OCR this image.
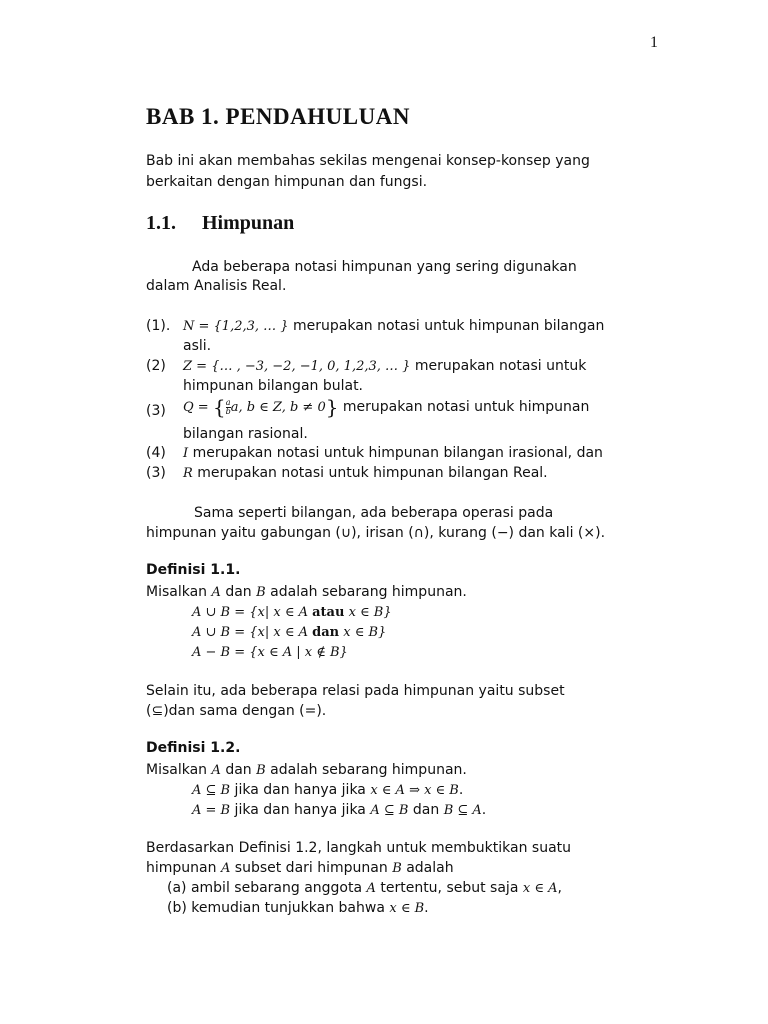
1
BAB 1. PENDAHULUAN
Bab ini akan membahas sekilas mengenai konsep-konsep yang
berkaitan dengan himpunan dan fungsi.
1.1. Himpunan
Ada beberapa notasi himpunan yang sering digunakan
dalam Analisis Real.
(1). N = {1,2,3, … } merupakan notasi untuk himpunan bilangan
asli.
(2) Z = {… , −3, −2, −1, 0, 1,2,3, … } merupakan notasi untuk
himpunan bilangan bulat.
(3) Q = { $\frac{a}{b} a$, b ∈ Z, b ≠ 0} merupakan notasi untuk himpunan
bilangan rasional.
(4) I merupakan notasi untuk himpunan bilangan irasional, dan
(3) R merupakan notasi untuk himpunan bilangan Real.
Sama seperti bilangan, ada beberapa operasi pada
himpunan yaitu gabungan (∪), irisan (∩), kurang (−) dan kali (×).
Definisi 1.1.
Misalkan A dan B adalah sebarang himpunan.
A ∪ B = {x| x ∈ A atau x ∈ B}
A ∪ B = {x| x ∈ A dan x ∈ B}
A − B = {x ∈ A | x ∉ B}
Selain itu, ada beberapa relasi pada himpunan yaitu subset
(⊆)dan sama dengan (=).
Definisi 1.2.
Misalkan A dan B adalah sebarang himpunan.
A ⊆ B jika dan hanya jika x ∈ A ⇒ x ∈ B.
A = B jika dan hanya jika A ⊆ B dan B ⊆ A.
Berdasarkan Definisi 1.2, langkah untuk membuktikan suatu
himpunan A subset dari himpunan B adalah
(a) ambil sebarang anggota A tertentu, sebut saja x ∈ A,
(b) kemudian tunjukkan bahwa x ∈ B.
